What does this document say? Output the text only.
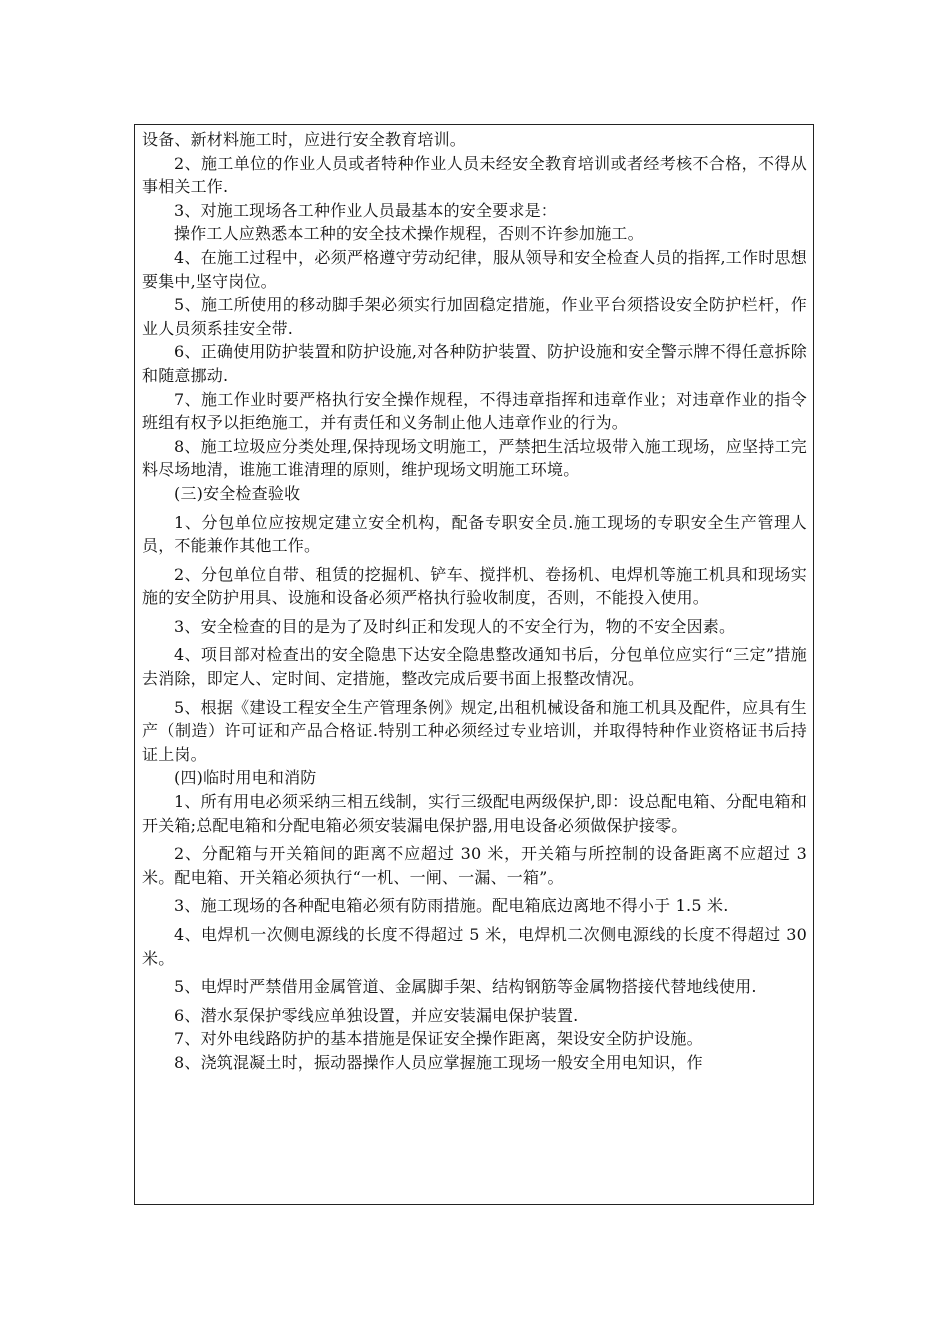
设备、新材料施工时，应进行安全教育培训。

2、施工单位的作业人员或者特种作业人员未经安全教育培训或者经考核不合格，不得从事相关工作.

3、对施工现场各工种作业人员最基本的安全要求是：

操作工人应熟悉本工种的安全技术操作规程，否则不许参加施工。

4、在施工过程中，必须严格遵守劳动纪律，服从领导和安全检查人员的指挥,工作时思想要集中,坚守岗位。

5、施工所使用的移动脚手架必须实行加固稳定措施，作业平台须搭设安全防护栏杆，作业人员须系挂安全带.

6、正确使用防护装置和防护设施,对各种防护装置、防护设施和安全警示牌不得任意拆除和随意挪动.

7、施工作业时要严格执行安全操作规程，不得违章指挥和违章作业；对违章作业的指令班组有权予以拒绝施工，并有责任和义务制止他人违章作业的行为。

8、施工垃圾应分类处理,保持现场文明施工，严禁把生活垃圾带入施工现场，应坚持工完料尽场地清，谁施工谁清理的原则，维护现场文明施工环境。

(三)安全检查验收

1、分包单位应按规定建立安全机构，配备专职安全员.施工现场的专职安全生产管理人员，不能兼作其他工作。

2、分包单位自带、租赁的挖掘机、铲车、搅拌机、卷扬机、电焊机等施工机具和现场实施的安全防护用具、设施和设备必须严格执行验收制度，否则，不能投入使用。

3、安全检查的目的是为了及时纠正和发现人的不安全行为，物的不安全因素。

4、项目部对检查出的安全隐患下达安全隐患整改通知书后，分包单位应实行“三定”措施去消除，即定人、定时间、定措施，整改完成后要书面上报整改情况。

5、根据《建设工程安全生产管理条例》规定,出租机械设备和施工机具及配件，应具有生产（制造）许可证和产品合格证.特别工种必须经过专业培训，并取得特种作业资格证书后持证上岗。

(四)临时用电和消防

1、所有用电必须采纳三相五线制，实行三级配电两级保护,即：设总配电箱、分配电箱和开关箱;总配电箱和分配电箱必须安装漏电保护器,用电设备必须做保护接零。

2、分配箱与开关箱间的距离不应超过 30 米，开关箱与所控制的设备距离不应超过 3 米。配电箱、开关箱必须执行“一机、一闸、一漏、一箱”。

3、施工现场的各种配电箱必须有防雨措施。配电箱底边离地不得小于 1.5 米.

4、电焊机一次侧电源线的长度不得超过 5 米，电焊机二次侧电源线的长度不得超过 30 米。

5、电焊时严禁借用金属管道、金属脚手架、结构钢筋等金属物搭接代替地线使用.

6、潜水泵保护零线应单独设置，并应安装漏电保护装置.

7、对外电线路防护的基本措施是保证安全操作距离，架设安全防护设施。

8、浇筑混凝土时，振动器操作人员应掌握施工现场一般安全用电知识，作
